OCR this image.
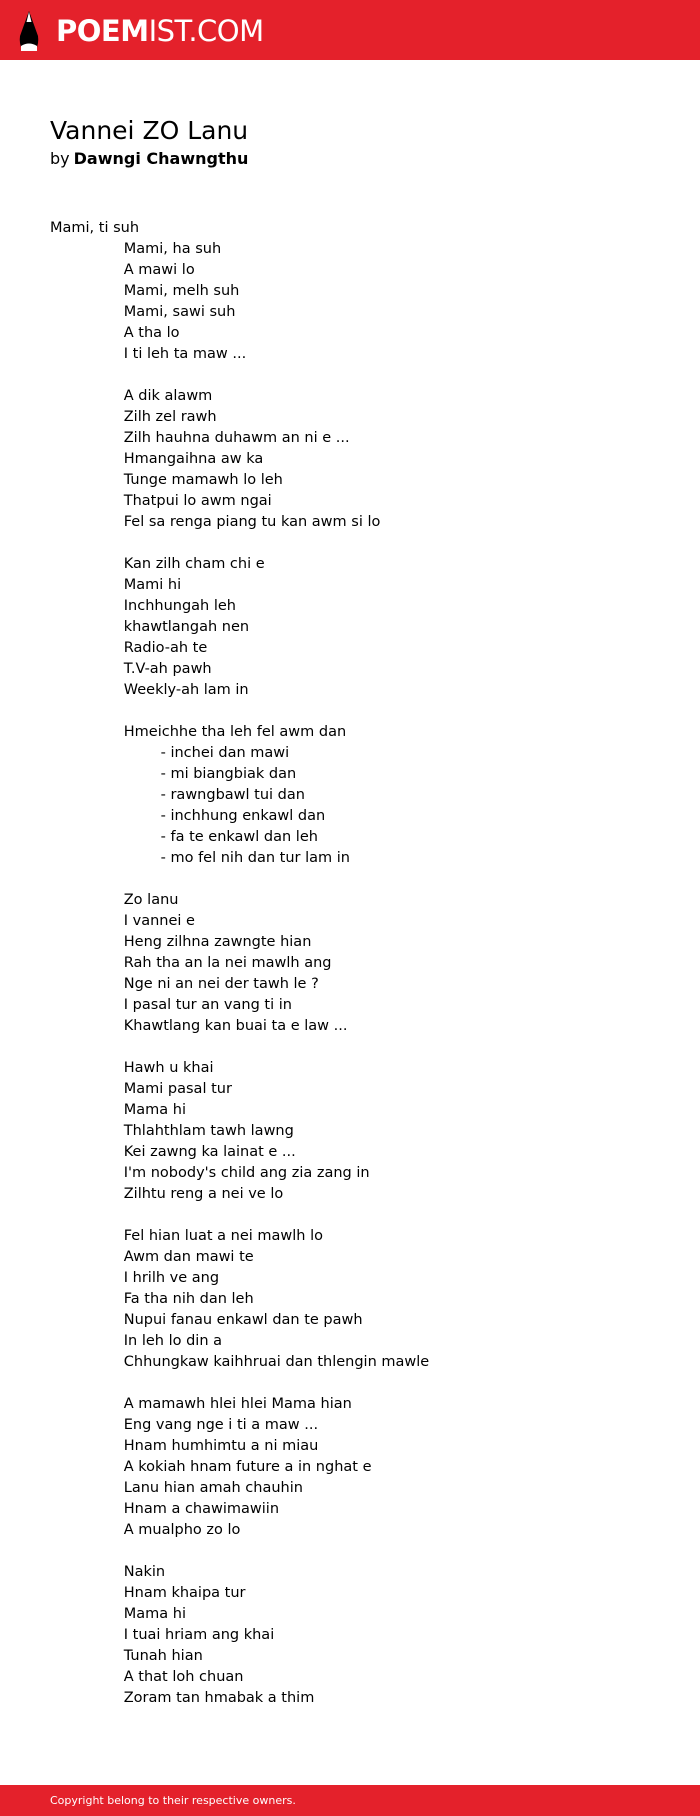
POEMIST.COM
Vannei ZO Lanu
by Dawngi Chawngthu
Mami, ti suh
		Mami, ha suh
		A mawi lo
		Mami, melh suh
		Mami, sawi suh
		A tha lo
		I ti leh ta maw ...
		A dik alawm
		Zilh zel rawh
		Zilh hauhna duhawm an ni e ...
		Hmangaihna aw ka
		Tunge mamawh lo leh
		Thatpui lo awm ngai
		Fel sa renga piang tu kan awm si lo
		Kan zilh cham chi e
		Mami hi
		Inchhungah leh
		khawtlangah nen
		Radio-ah te
		T.V-ah pawh
		Weekly-ah lam in
		Hmeichhe tha leh fel awm dan
			- inchei dan mawi
			- mi biangbiak dan
			- rawngbawl tui dan
			- inchhung enkawl dan
			- fa te enkawl dan leh
			- mo fel nih dan tur lam in
		Zo lanu
		I vannei e
		Heng zilhna zawngte hian
		Rah tha an la nei mawlh ang
		Nge ni an nei der tawh le ?
		I pasal tur an vang ti in
		Khawtlang kan buai ta e law ...
		Hawh u khai
		Mami pasal tur
		Mama hi
		Thlahthlam tawh lawng
		Kei zawng ka lainat e ...
		I'm nobody's child ang zia zang in
		Zilhtu reng a nei ve lo
		Fel hian luat a nei mawlh lo
		Awm dan mawi te
		I hrilh ve ang
		Fa tha nih dan leh
		Nupui fanau enkawl dan te pawh
		In leh lo din a
		Chhungkaw kaihhruai dan thlengin mawle
		A mamawh hlei hlei Mama hian
		Eng vang nge i ti a maw ...
		Hnam humhimtu a ni miau
		A kokiah hnam future a in nghat e
		Lanu hian amah chauhin
		Hnam a chawimawiin
		A mualpho zo lo
		Nakin
		Hnam khaipa tur
		Mama hi
		I tuai hriam ang khai
		Tunah hian
		A that loh chuan
		Zoram tan hmabak a thim
Copyright belong to their respective owners.
